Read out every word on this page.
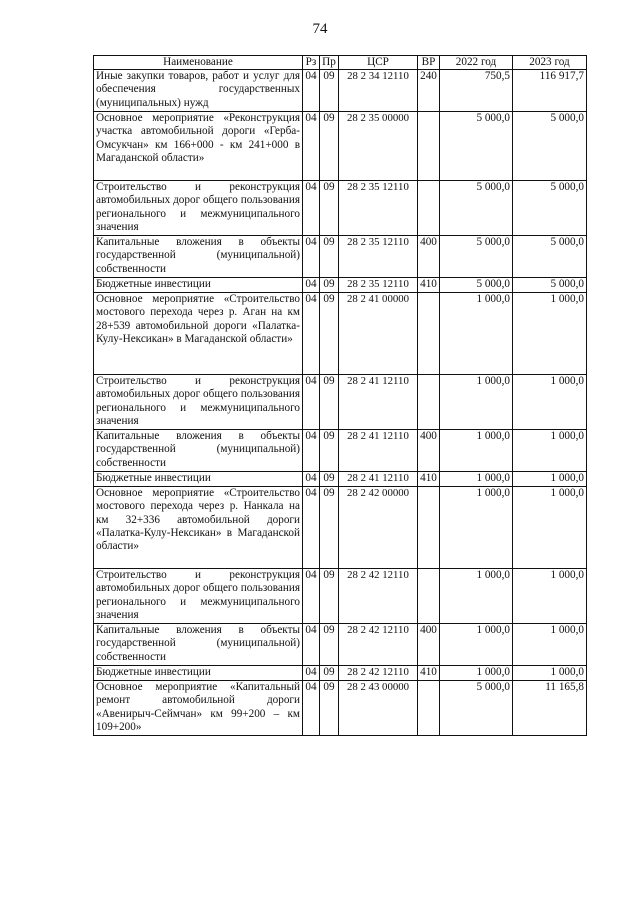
74
Наименование	Рз	Пр	ЦСР	ВР	2022 год	2023 год
Иные закупки товаров, работ и услуг для обеспечения государственных (муниципальных) нужд	04	09	28 2 34 12110	240	750,5	116 917,7
Основное мероприятие «Реконструкция участка автомобильной дороги «Герба-Омсукчан» км 166+000 - км 241+000 в Магаданской области»	04	09	28 2 35 00000		5 000,0	5 000,0
Строительство и реконструкция автомобильных дорог общего пользования регионального и межмуниципального значения	04	09	28 2 35 12110		5 000,0	5 000,0
Капитальные вложения в объекты государственной (муниципальной) собственности	04	09	28 2 35 12110	400	5 000,0	5 000,0
Бюджетные инвестиции	04	09	28 2 35 12110	410	5 000,0	5 000,0
Основное мероприятие «Строительство мостового перехода через р. Аган на км 28+539 автомобильной дороги «Палатка-Кулу-Нексикан» в Магаданской области»	04	09	28 2 41 00000		1 000,0	1 000,0
Строительство и реконструкция автомобильных дорог общего пользования регионального и межмуниципального значения	04	09	28 2 41 12110		1 000,0	1 000,0
Капитальные вложения в объекты государственной (муниципальной) собственности	04	09	28 2 41 12110	400	1 000,0	1 000,0
Бюджетные инвестиции	04	09	28 2 41 12110	410	1 000,0	1 000,0
Основное мероприятие «Строительство мостового перехода через р. Нанкала на км 32+336 автомобильной дороги «Палатка-Кулу-Нексикан» в Магаданской области»	04	09	28 2 42 00000		1 000,0	1 000,0
Строительство и реконструкция автомобильных дорог общего пользования регионального и межмуниципального значения	04	09	28 2 42 12110		1 000,0	1 000,0
Капитальные вложения в объекты государственной (муниципальной) собственности	04	09	28 2 42 12110	400	1 000,0	1 000,0
Бюджетные инвестиции	04	09	28 2 42 12110	410	1 000,0	1 000,0
Основное мероприятие «Капитальный ремонт автомобильной дороги «Авенирыч-Сеймчан» км 99+200 – км 109+200»	04	09	28 2 43 00000		5 000,0	11 165,8
